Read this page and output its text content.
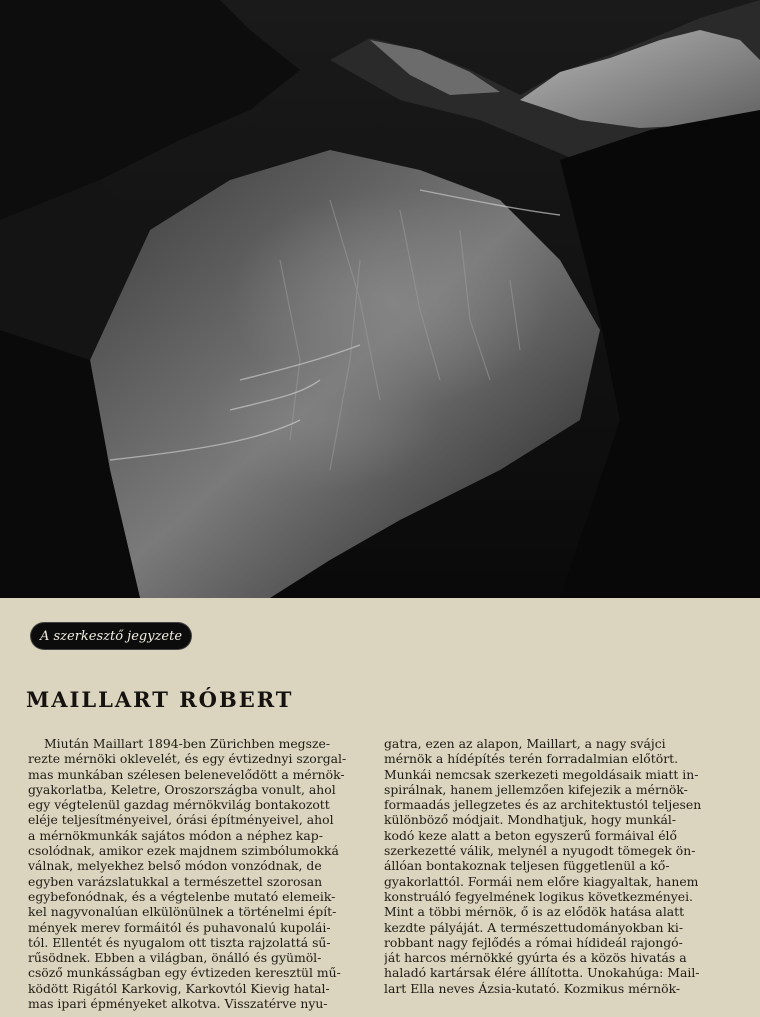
A szerkesztő jegyzete
MAILLART RÓBERT
Miután Maillart 1894-ben Zürichben megsze-
rezte mérnöki oklevelét, és egy évtizednyi szorgal-
mas munkában szélesen belenevelődött a mérnök-
gyakorlatba, Keletre, Oroszországba vonult, ahol
egy végtelenül gazdag mérnökvilág bontakozott
eléje teljesítményeivel, órási építményeivel, ahol
a mérnökmunkák sajátos módon a néphez kap-
csolódnak, amikor ezek majdnem szimbólumokká
válnak, melyekhez belső módon vonzódnak, de
egyben varázslatukkal a természettel szorosan
egybefonódnak, és a végtelenbe mutató elemeik-
kel nagyvonalúan elkülönülnek a történelmi épít-
mények merev formáitól és puhavonalú kupolái-
tól. Ellentét és nyugalom ott tiszta rajzolattá sű-
rűsödnek. Ebben a világban, önálló és gyümöl-
csöző munkásságban egy évtizeden keresztül mű-
ködött Rigától Karkovig, Karkovtól Kievig hatal-
mas ipari épményeket alkotva. Visszatérve nyu-
gatra, ezen az alapon, Maillart, a nagy svájci
mérnök a hídépítés terén forradalmian előtört.
Munkái nemcsak szerkezeti megoldásaik miatt in-
spirálnak, hanem jellemzően kifejezik a mérnök-
formaadás jellegzetes és az architektustól teljesen
különböző módjait. Mondhatjuk, hogy munkál-
kodó keze alatt a beton egyszerű formáival élő
szerkezetté válik, melynél a nyugodt tömegek ön-
állóan bontakoznak teljesen függetlenül a kő-
gyakorlattól. Formái nem előre kiagyaltak, hanem
konstruáló fegyelmének logikus következményei.
Mint a többi mérnök, ő is az elődök hatása alatt
kezdte pályáját. A természettudományokban ki-
robbant nagy fejlődés a római hídideál rajongó-
ját harcos mérnökké gyúrta és a közös hivatás a
haladó kartársak élére állította. Unokahúga: Mail-
lart Ella neves Ázsia-kutató. Kozmikus mérnök-
